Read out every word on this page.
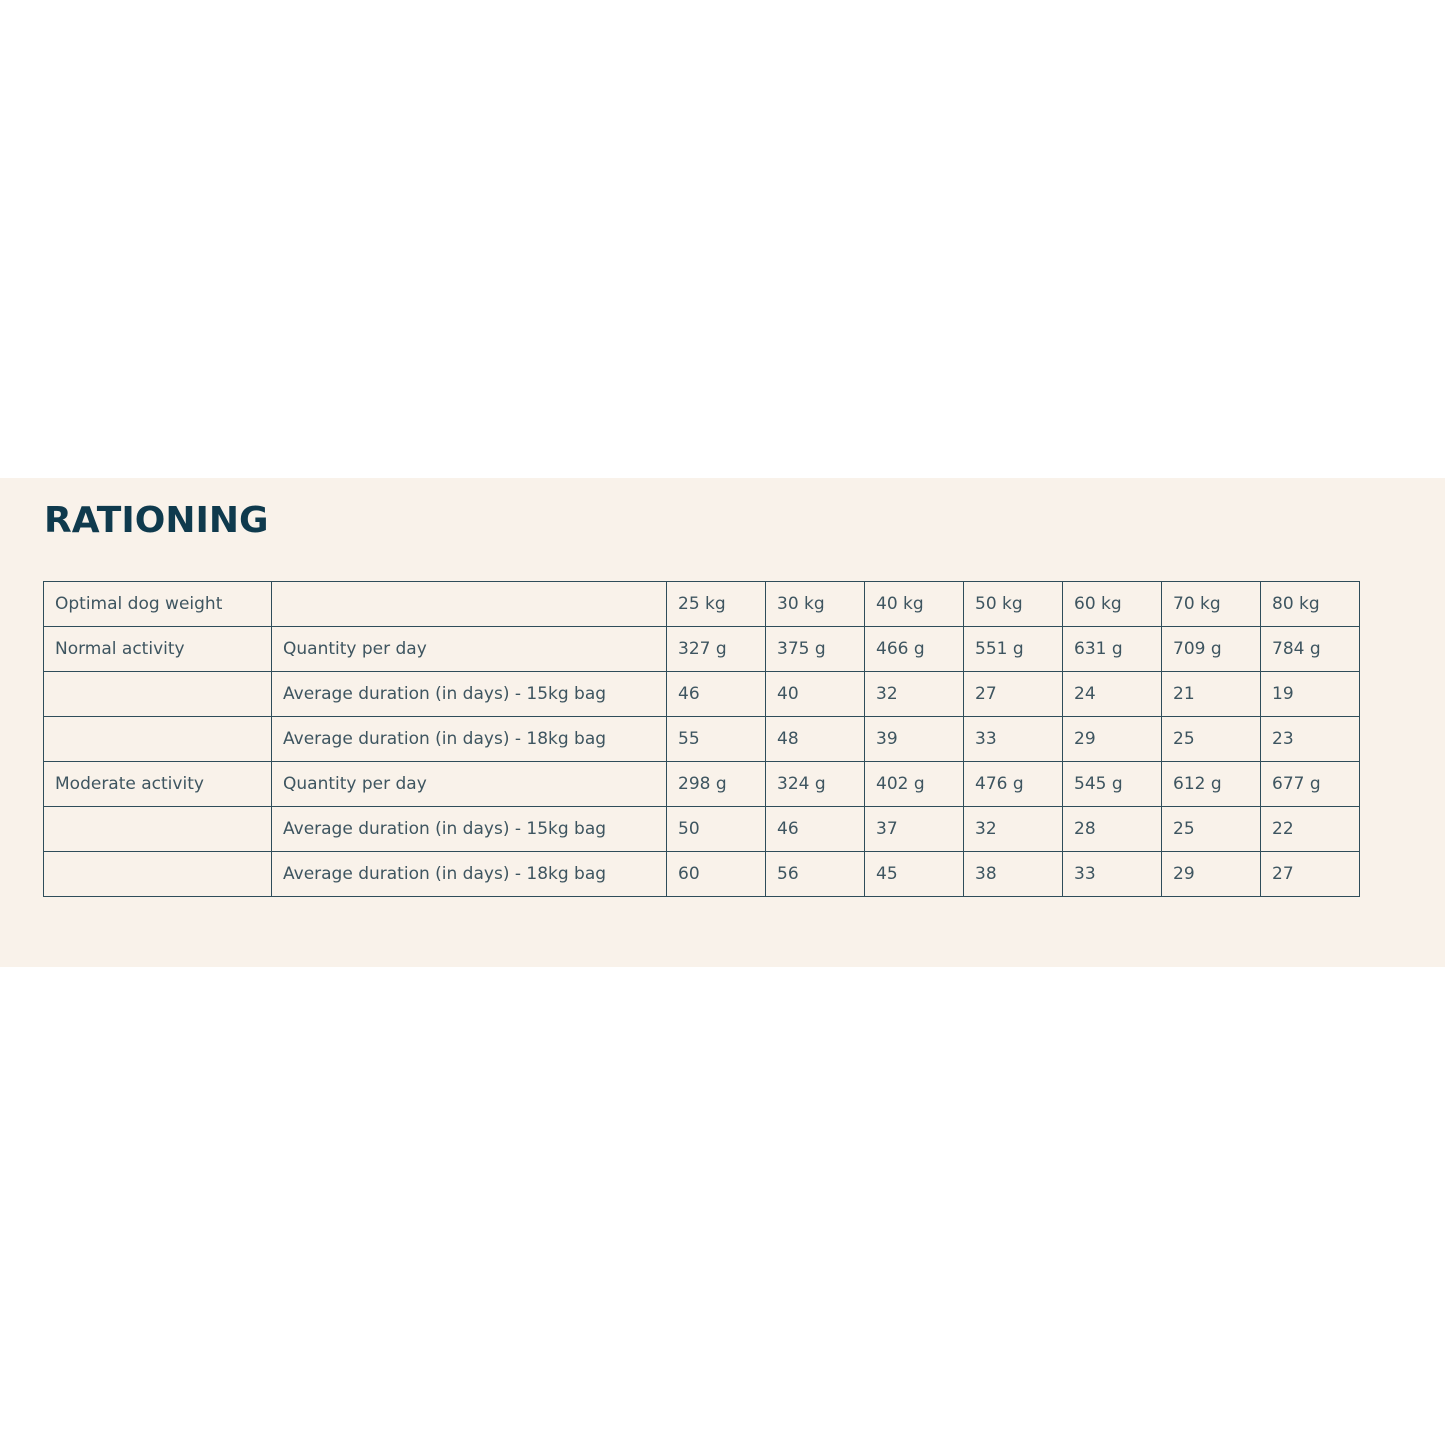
RATIONING
Optimal dog weight		25 kg	30 kg	40 kg	50 kg	60 kg	70 kg	80 kg
Normal activity	Quantity per day	327 g	375 g	466 g	551 g	631 g	709 g	784 g
	Average duration (in days) - 15kg bag	46	40	32	27	24	21	19
	Average duration (in days) - 18kg bag	55	48	39	33	29	25	23
Moderate activity	Quantity per day	298 g	324 g	402 g	476 g	545 g	612 g	677 g
	Average duration (in days) - 15kg bag	50	46	37	32	28	25	22
	Average duration (in days) - 18kg bag	60	56	45	38	33	29	27
